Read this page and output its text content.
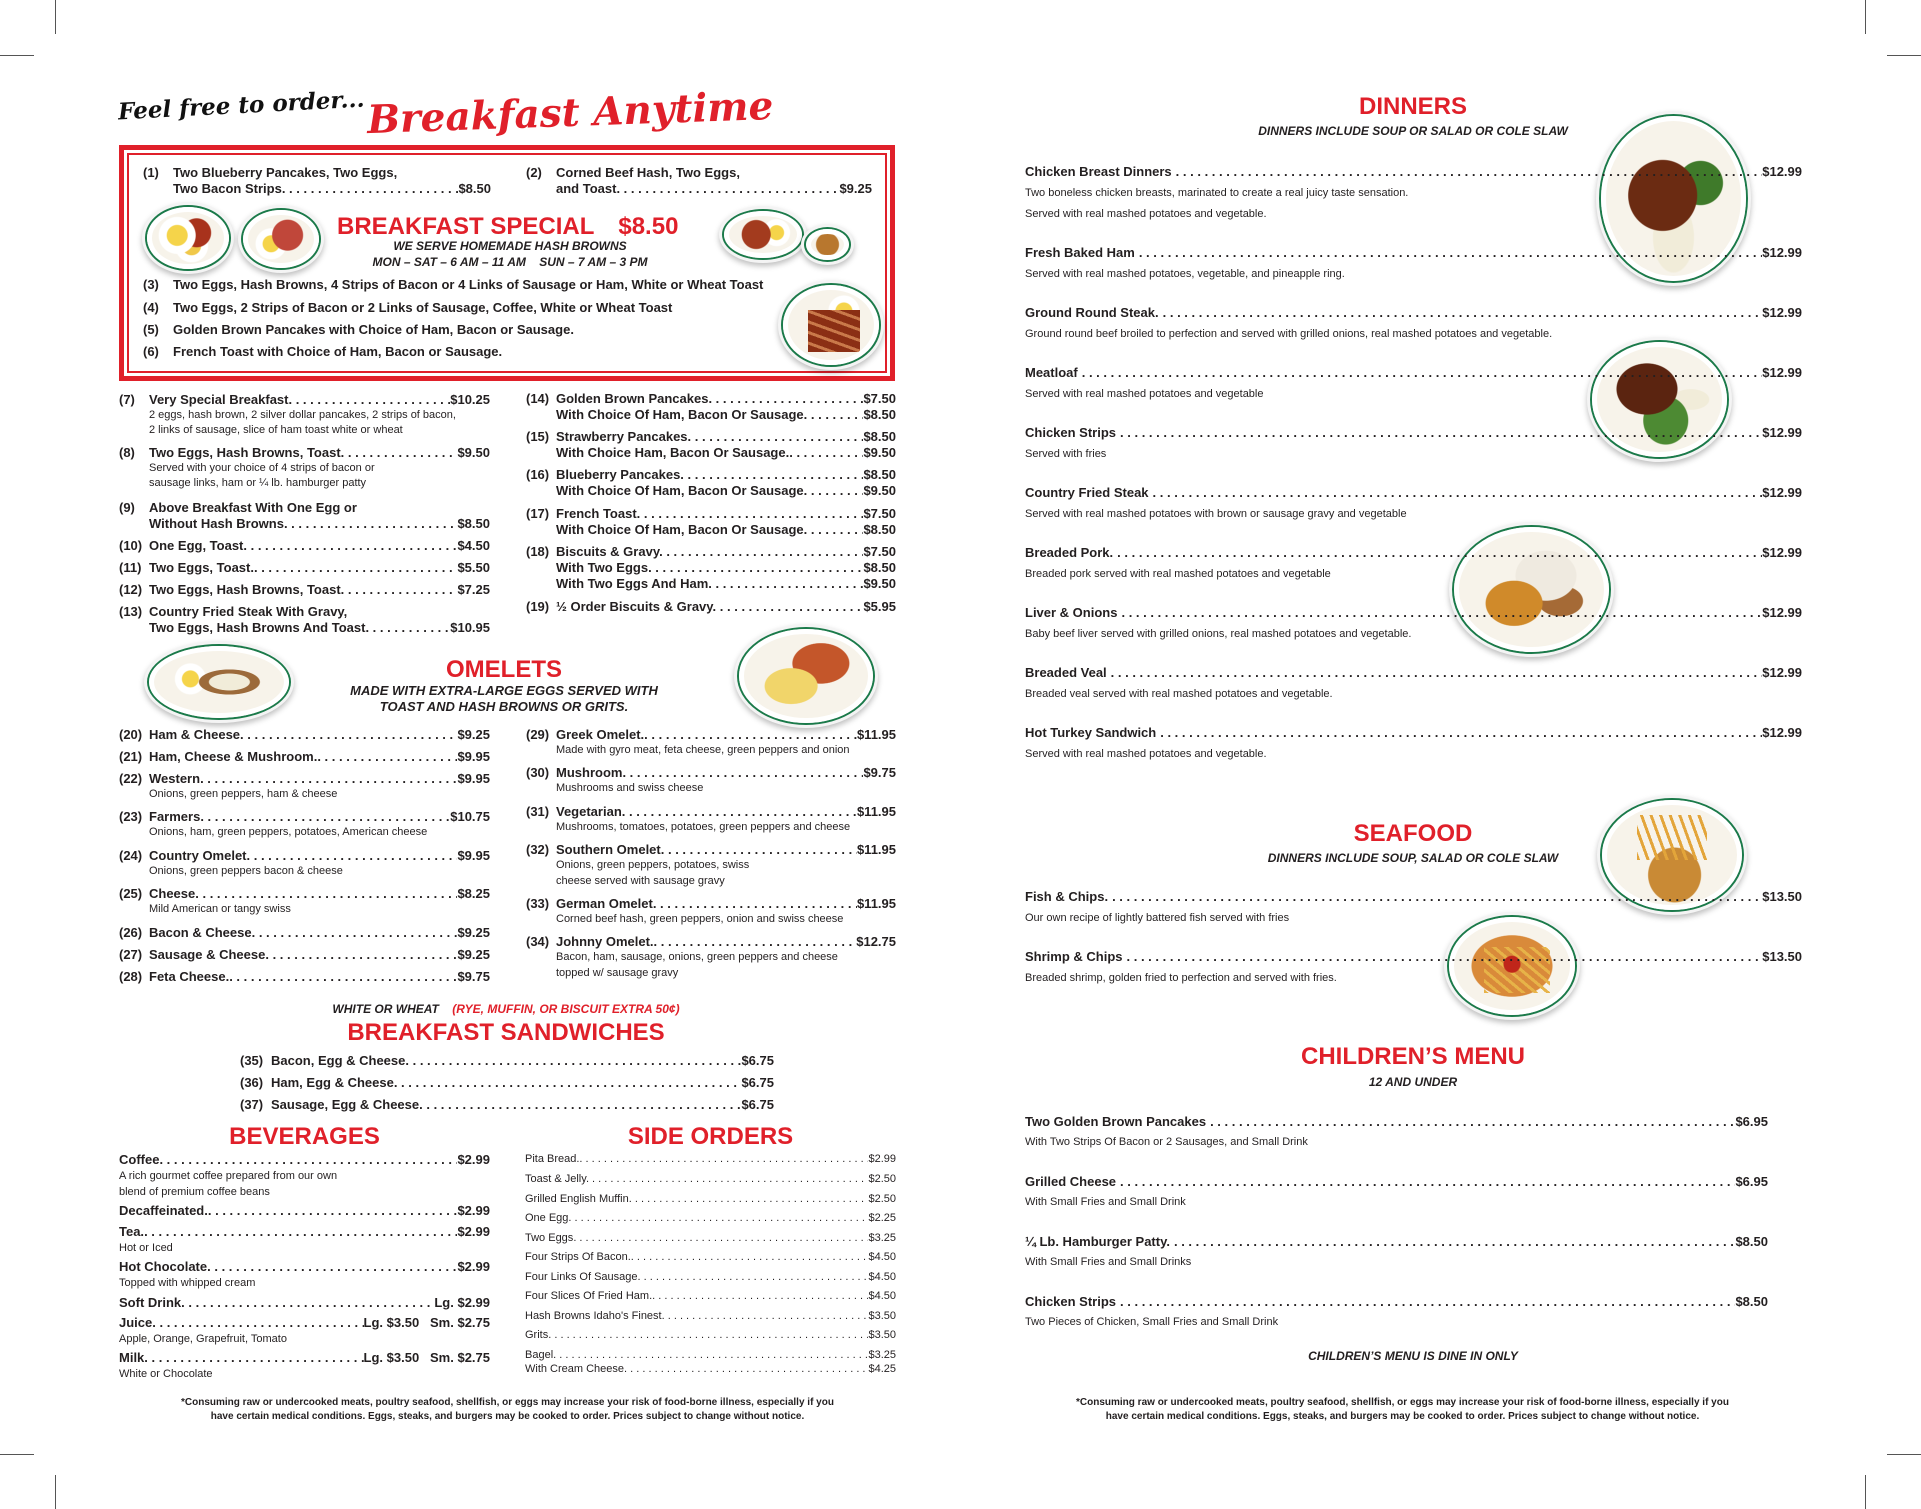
Feel free to order... Breakfast Anytime
(1)	Two Blueberry Pancakes, Two Eggs,
Two Bacon Strips . . .	$8.50
(2)	Corned Beef Hash, Two Eggs,
and Toast . . .	$9.25
BREAKFAST SPECIAL $8.50
WE SERVE HOMEMADE HASH BROWNS
MON – SAT – 6 AM – 11 AM    SUN – 7 AM – 3 PM
(3)	Two Eggs, Hash Browns, 4 Strips of Bacon or 4 Links of Sausage or Ham, White or Wheat Toast
(4)	Two Eggs, 2 Strips of Bacon or 2 Links of Sausage, Coffee, White or Wheat Toast
(5)	Golden Brown Pancakes with Choice of Ham, Bacon or Sausage.
(6)	French Toast with Choice of Ham, Bacon or Sausage.
(7)	Very Special Breakfast . . .	$10.25
2 eggs, hash brown, 2 silver dollar pancakes, 2 strips of bacon,
2 links of sausage, slice of ham toast white or wheat
(8)	Two Eggs, Hash Browns, Toast . . .	$9.50
Served with your choice of 4 strips of bacon or
sausage links, ham or ¼ lb. hamburger patty
(9)	Above Breakfast With One Egg or
Without Hash Browns . . .	$8.50
(10) One Egg, Toast . . .	$4.50
(11) Two Eggs, Toast. . . .	$5.50
(12) Two Eggs, Hash Browns, Toast . . .	$7.25
(13) Country Fried Steak With Gravy,
Two Eggs, Hash Browns And Toast . . .	$10.95
(14) Golden Brown Pancakes . . .	$7.50
With Choice Of Ham, Bacon Or Sausage . . .	$8.50
(15) Strawberry Pancakes . . .	$8.50
With Choice Ham, Bacon Or Sausage. . . .	$9.50
(16) Blueberry Pancakes . . .	$8.50
With Choice Of Ham, Bacon Or Sausage . . .	$9.50
(17) French Toast . . .	$7.50
With Choice Of Ham, Bacon Or Sausage . . .	$8.50
(18) Biscuits & Gravy . . .	$7.50
With Two Eggs . . .	$8.50
With Two Eggs And Ham . . .	$9.50
(19) ½ Order Biscuits & Gravy . . .	$5.95
OMELETS
MADE WITH EXTRA-LARGE EGGS SERVED WITH
TOAST AND HASH BROWNS OR GRITS.
(20) Ham & Cheese . . .	$9.25
(21) Ham, Cheese & Mushroom. . . .	$9.95
(22) Western . . .	$9.95
Onions, green peppers, ham & cheese
(23) Farmers . . .	$10.75
Onions, ham, green peppers, potatoes, American cheese
(24) Country Omelet . . .	$9.95
Onions, green peppers bacon & cheese
(25) Cheese . . .	$8.25
Mild American or tangy swiss
(26) Bacon & Cheese . . .	$9.25
(27) Sausage & Cheese . . .	$9.25
(28) Feta Cheese. . . .	$9.75
(29) Greek Omelet. . . .	$11.95
Made with gyro meat, feta cheese, green peppers and onion
(30) Mushroom . . .	$9.75
Mushrooms and swiss cheese
(31) Vegetarian . . .	$11.95
Mushrooms, tomatoes, potatoes, green peppers and cheese
(32) Southern Omelet . . .	$11.95
Onions, green peppers, potatoes, swiss
cheese served with sausage gravy
(33) German Omelet . . .	$11.95
Corned beef hash, green peppers, onion and swiss cheese
(34) Johnny Omelet. . . .	$12.75
Bacon, ham, sausage, onions, green peppers and cheese
topped w/ sausage gravy
WHITE OR WHEAT (RYE, MUFFIN, OR BISCUIT EXTRA 50¢)
BREAKFAST SANDWICHES
(35) Bacon, Egg & Cheese . . .	$6.75
(36) Ham, Egg & Cheese . . .	$6.75
(37) Sausage, Egg & Cheese . . .	$6.75
BEVERAGES
Coffee . . .	$2.99
A rich gourmet coffee prepared from our own
blend of premium coffee beans
Decaffeinated. . . .	$2.99
Tea. . . .	$2.99
Hot or Iced
Hot Chocolate . . .	$2.99
Topped with whipped cream
Soft Drink . . .	Lg. $2.99
Juice . . .	Lg. $3.50   Sm. $2.75
Apple, Orange, Grapefruit, Tomato
Milk . . .	Lg. $3.50   Sm. $2.75
White or Chocolate
SIDE ORDERS
Pita Bread. . . .	$2.99
Toast & Jelly . . .	$2.50
Grilled English Muffin . . .	$2.50
One Egg . . .	$2.25
Two Eggs . . .	$3.25
Four Strips Of Bacon. . . .	$4.50
Four Links Of Sausage . . .	$4.50
Four Slices Of Fried Ham. . . .	$4.50
Hash Browns Idaho's Finest . . .	$3.50
Grits . . .	$3.50
Bagel . . .	$3.25
With Cream Cheese . . .	$4.25
*Consuming raw or undercooked meats, poultry seafood, shellfish, or eggs may increase your risk of food-borne illness, especially if you
have certain medical conditions. Eggs, steaks, and burgers may be cooked to order. Prices subject to change without notice.
DINNERS
DINNERS INCLUDE SOUP OR SALAD OR COLE SLAW
Chicken Breast Dinners . . .	$12.99
Two boneless chicken breasts, marinated to create a real juicy taste sensation.
Served with real mashed potatoes and vegetable.
Fresh Baked Ham . . .	$12.99
Served with real mashed potatoes, vegetable, and pineapple ring.
Ground Round Steak. . . .	$12.99
Ground round beef broiled to perfection and served with grilled onions, real mashed potatoes and vegetable.
Meatloaf . . .	$12.99
Served with real mashed potatoes and vegetable
Chicken Strips . . .	$12.99
Served with fries
Country Fried Steak . . .	$12.99
Served with real mashed potatoes with brown or sausage gravy and vegetable
Breaded Pork. . . .	$12.99
Breaded pork served with real mashed potatoes and vegetable
Liver & Onions . . .	$12.99
Baby beef liver served with grilled onions, real mashed potatoes and vegetable.
Breaded Veal . . .	$12.99
Breaded veal served with real mashed potatoes and vegetable.
Hot Turkey Sandwich . . .	$12.99
Served with real mashed potatoes and vegetable.
SEAFOOD
DINNERS INCLUDE SOUP, SALAD OR COLE SLAW
Fish & Chips. . . .	$13.50
Our own recipe of lightly battered fish served with fries
Shrimp & Chips . . .	$13.50
Breaded shrimp, golden fried to perfection and served with fries.
CHILDREN’S MENU
12 AND UNDER
Two Golden Brown Pancakes . . .	$6.95
With Two Strips Of Bacon or 2 Sausages, and Small Drink
Grilled Cheese . . .	$6.95
With Small Fries and Small Drink
¼ Lb. Hamburger Patty. . . .	$8.50
With Small Fries and Small Drinks
Chicken Strips . . .	$8.50
Two Pieces of Chicken, Small Fries and Small Drink
CHILDREN’S MENU IS DINE IN ONLY
*Consuming raw or undercooked meats, poultry seafood, shellfish, or eggs may increase your risk of food-borne illness, especially if you
have certain medical conditions. Eggs, steaks, and burgers may be cooked to order. Prices subject to change without notice.
